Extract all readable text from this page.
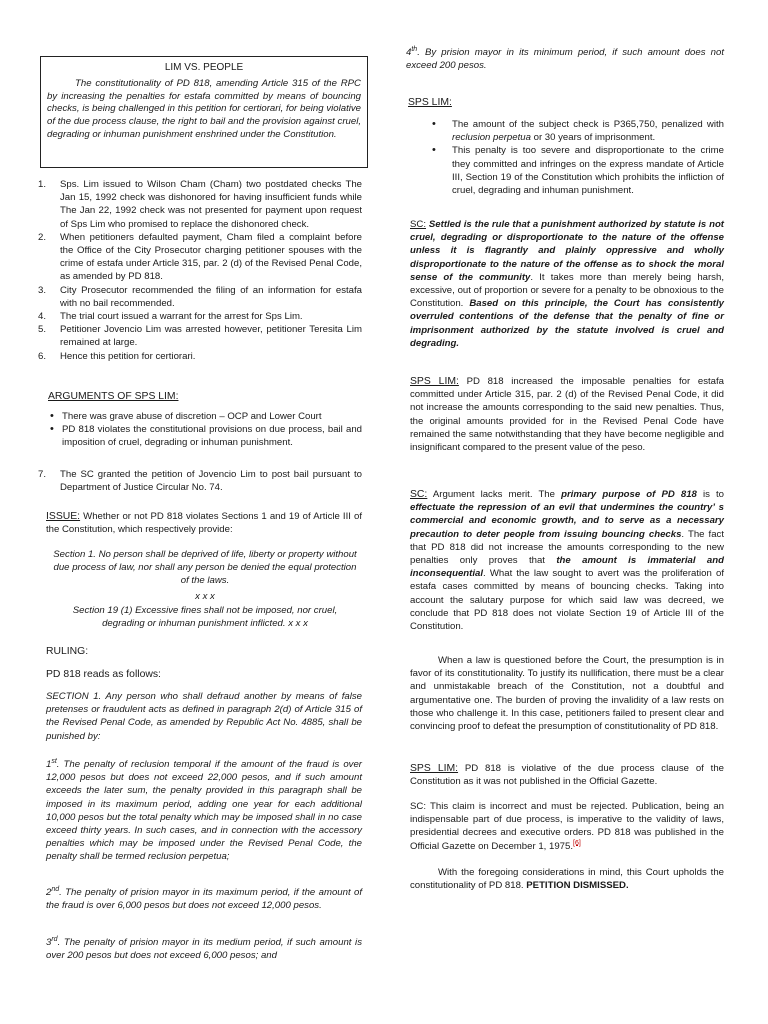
LIM VS. PEOPLE
The constitutionality of PD 818, amending Article 315 of the RPC by increasing the penalties for estafa committed by means of bouncing checks, is being challenged in this petition for certiorari, for being violative of the due process clause, the right to bail and the provision against cruel, degrading or inhuman punishment enshrined under the Constitution.
1. Sps. Lim issued to Wilson Cham (Cham) two postdated checks The Jan 15, 1992 check was dishonored for having insufficient funds while The Jan 22, 1992 check was not presented for payment upon request of Sps Lim who promised to replace the dishonored check.
2. When petitioners defaulted payment, Cham filed a complaint before the Office of the City Prosecutor charging petitioner spouses with the crime of estafa under Article 315, par. 2 (d) of the Revised Penal Code, as amended by PD 818.
3. City Prosecutor recommended the filing of an information for estafa with no bail recommended.
4. The trial court issued a warrant for the arrest for Sps Lim.
5. Petitioner Jovencio Lim was arrested however, petitioner Teresita Lim remained at large.
6. Hence this petition for certiorari.
ARGUMENTS OF SPS LIM:
• There was grave abuse of discretion – OCP and Lower Court
• PD 818 violates the constitutional provisions on due process, bail and imposition of cruel, degrading or inhuman punishment.
7. The SC granted the petition of Jovencio Lim to post bail pursuant to Department of Justice Circular No. 74.
ISSUE: Whether or not PD 818 violates Sections 1 and 19 of Article III of the Constitution, which respectively provide:
Section 1. No person shall be deprived of life, liberty or property without due process of law, nor shall any person be denied the equal protection of the laws.
x x x
Section 19 (1) Excessive fines shall not be imposed, nor cruel, degrading or inhuman punishment inflicted. x x x
RULING:
PD 818 reads as follows:
SECTION 1. Any person who shall defraud another by means of false pretenses or fraudulent acts as defined in paragraph 2(d) of Article 315 of the Revised Penal Code, as amended by Republic Act No. 4885, shall be punished by:
1st. The penalty of reclusion temporal if the amount of the fraud is over 12,000 pesos but does not exceed 22,000 pesos, and if such amount exceeds the later sum, the penalty provided in this paragraph shall be imposed in its maximum period, adding one year for each additional 10,000 pesos but the total penalty which may be imposed shall in no case exceed thirty years. In such cases, and in connection with the accessory penalties which may be imposed under the Revised Penal Code, the penalty shall be termed reclusion perpetua;
2nd. The penalty of prision mayor in its maximum period, if the amount of the fraud is over 6,000 pesos but does not exceed 12,000 pesos.
3rd. The penalty of prision mayor in its medium period, if such amount is over 200 pesos but does not exceed 6,000 pesos; and
4th. By prision mayor in its minimum period, if such amount does not exceed 200 pesos.
SPS LIM:
• The amount of the subject check is P365,750, penalized with reclusion perpetua or 30 years of imprisonment.
• This penalty is too severe and disproportionate to the crime they committed and infringes on the express mandate of Article III, Section 19 of the Constitution which prohibits the infliction of cruel, degrading and inhuman punishment.
SC: Settled is the rule that a punishment authorized by statute is not cruel, degrading or disproportionate to the nature of the offense unless it is flagrantly and plainly oppressive and wholly disproportionate to the nature of the offense as to shock the moral sense of the community. It takes more than merely being harsh, excessive, out of proportion or severe for a penalty to be obnoxious to the Constitution. Based on this principle, the Court has consistently overruled contentions of the defense that the penalty of fine or imprisonment authorized by the statute involved is cruel and degrading.
SPS LIM: PD 818 increased the imposable penalties for estafa committed under Article 315, par. 2 (d) of the Revised Penal Code, it did not increase the amounts corresponding to the said new penalties. Thus, the original amounts provided for in the Revised Penal Code have remained the same notwithstanding that they have become negligible and insignificant compared to the present value of the peso.
SC: Argument lacks merit. The primary purpose of PD 818 is to effectuate the repression of an evil that undermines the country’ s commercial and economic growth, and to serve as a necessary precaution to deter people from issuing bouncing checks. The fact that PD 818 did not increase the amounts corresponding to the new penalties only proves that the amount is immaterial and inconsequential. What the law sought to avert was the proliferation of estafa cases committed by means of bouncing checks. Taking into account the salutary purpose for which said law was decreed, we conclude that PD 818 does not violate Section 19 of Article III of the Constitution.
When a law is questioned before the Court, the presumption is in favor of its constitutionality. To justify its nullification, there must be a clear and unmistakable breach of the Constitution, not a doubtful and argumentative one. The burden of proving the invalidity of a law rests on those who challenge it. In this case, petitioners failed to present clear and convincing proof to defeat the presumption of constitutionality of PD 818.
SPS LIM: PD 818 is violative of the due process clause of the Constitution as it was not published in the Official Gazette.
SC: This claim is incorrect and must be rejected. Publication, being an indispensable part of due process, is imperative to the validity of laws, presidential decrees and executive orders. PD 818 was published in the Official Gazette on December 1, 1975.[6]
With the foregoing considerations in mind, this Court upholds the constitutionality of PD 818. PETITION DISMISSED.
